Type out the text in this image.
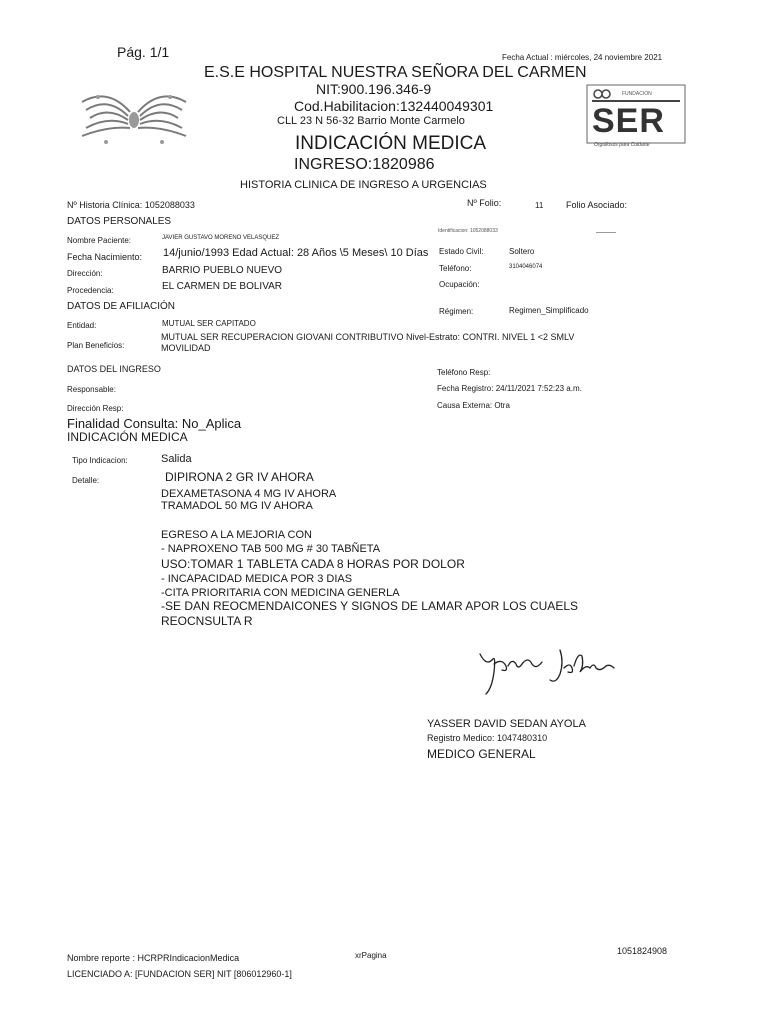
Pág. 1/1	Fecha Actual : miércoles, 24 noviembre 2021
E.S.E HOSPITAL NUESTRA SEÑORA DEL CARMEN
NIT:900.196.346-9
Cod.Habilitacion:132440049301
CLL 23 N 56-32 Barrio Monte Carmelo
INDICACIÓN MEDICA
INGRESO:1820986
HISTORIA CLINICA DE INGRESO A URGENCIAS
FUNDACION
SER
Orgullosos para Cuidarte
Nº Historia Clínica: 1052088033	Nº Folio:	11	Folio Asociado:
DATOS PERSONALES
Identificacion: 1052088033
Nombre Paciente:	JAVIER GUSTAVO MORENO VELASQUEZ
Fecha Nacimiento: 14/junio/1993 Edad Actual: 28 Años \5 Meses\ 10 Días Estado Civil:	Soltero
Dirección:	BARRIO PUEBLO NUEVO	Teléfono:	3104046074
Procedencia:	EL CARMEN DE BOLIVAR	Ocupación:
DATOS DE AFILIACIÓN	Régimen:	Regimen_Simplificado
Entidad:	MUTUAL SER CAPITADO
Plan Beneficios:
MUTUAL SER RECUPERACION GIOVANI CONTRIBUTIVO Nivel-Estrato: CONTRI. NIVEL 1 <2 SMLV
MOVILIDAD
DATOS DEL INGRESO	Teléfono Resp:
Responsable:	Fecha Registro: 24/11/2021 7:52:23 a.m.
Dirección Resp:	Causa Externa: Otra
Finalidad Consulta: No_Aplica
INDICACIÓN MEDICA
Tipo Indicacion:	Salida
Detalle:	DIPIRONA 2 GR IV AHORA
DEXAMETASONA 4 MG IV AHORA
TRAMADOL 50 MG IV AHORA
EGRESO A LA MEJORIA CON
- NAPROXENO TAB 500 MG # 30 TABÑETA
USO:TOMAR 1 TABLETA CADA 8 HORAS POR DOLOR
- INCAPACIDAD MEDICA POR 3 DIAS
-CITA PRIORITARIA CON MEDICINA GENERLA
-SE DAN REOCMENDAICONES Y SIGNOS DE LAMAR APOR LOS CUAELS
REOCNSULTA R
YASSER DAVID SEDAN AYOLA
Registro Medico: 1047480310
MEDICO GENERAL
Nombre reporte : HCRPRIndicacionMedica	xrPagina	1051824908
LICENCIADO A: [FUNDACION SER] NIT [806012960-1]
